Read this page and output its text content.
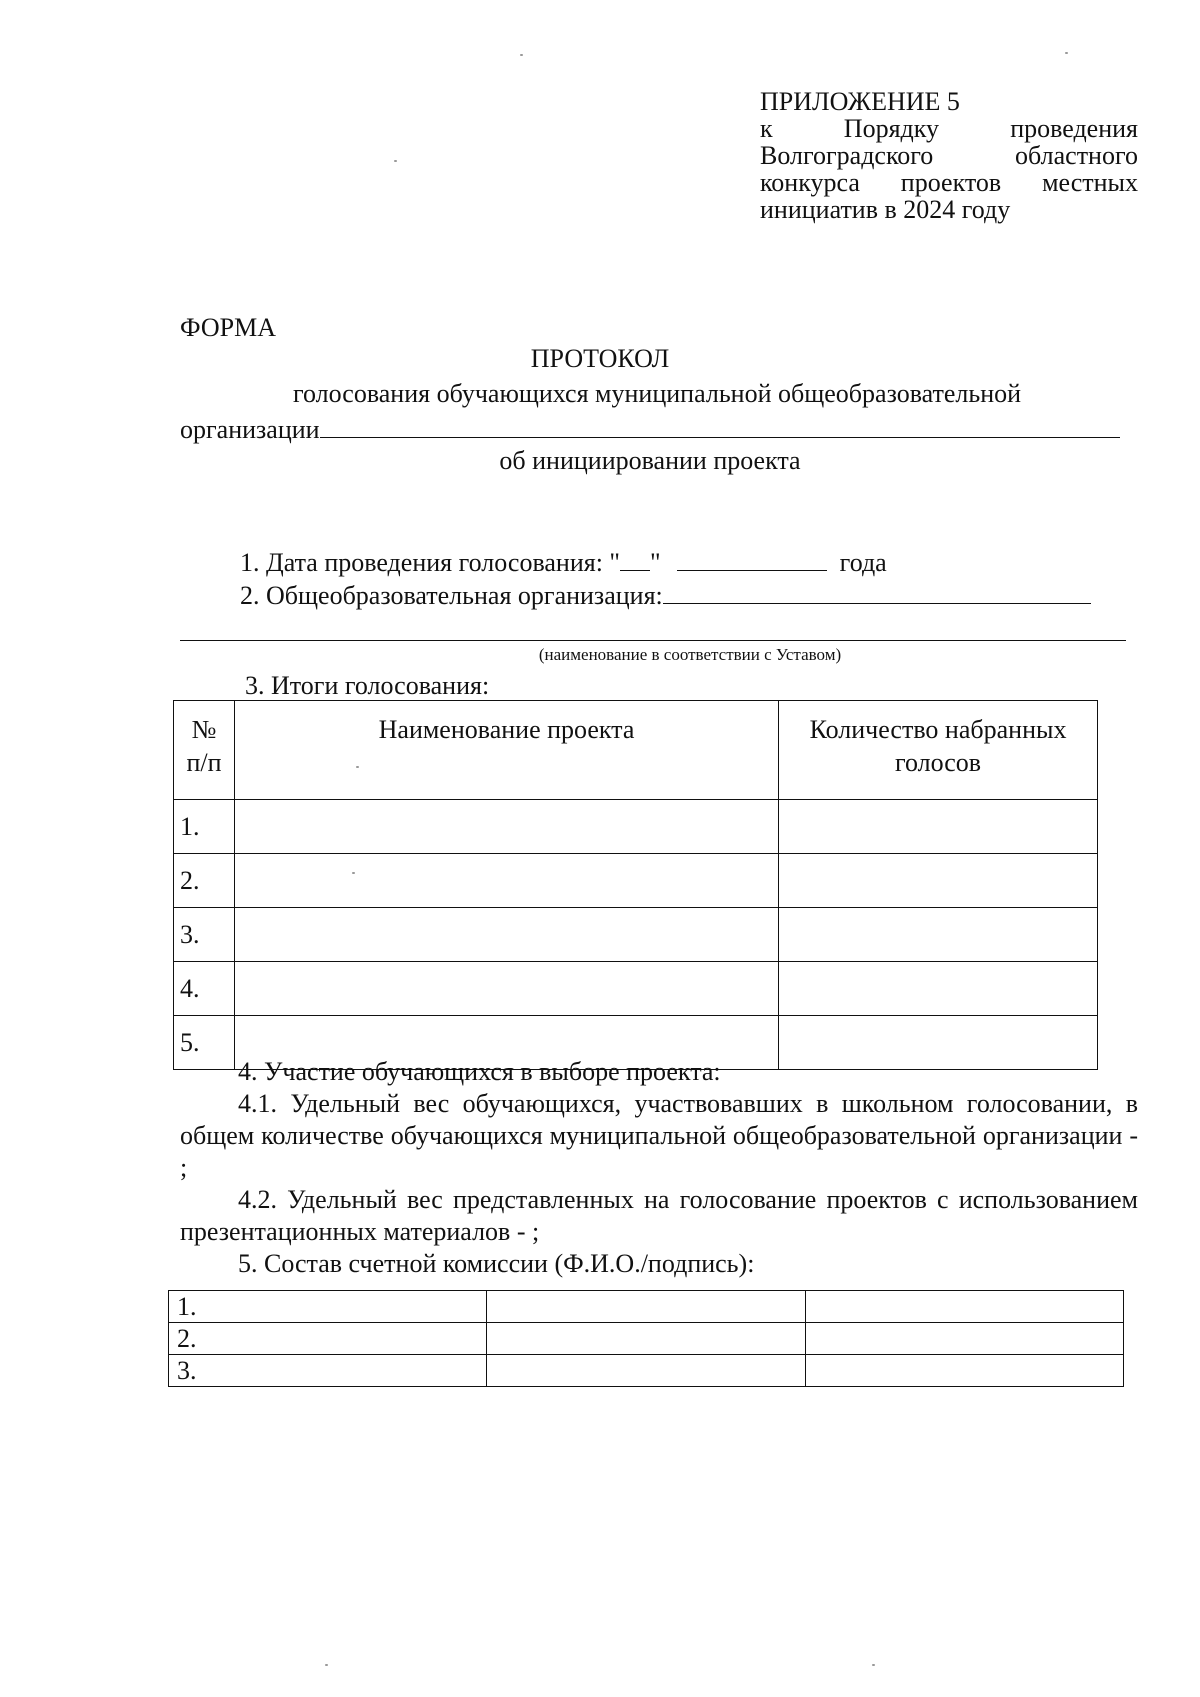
ПРИЛОЖЕНИЕ 5
к Порядку проведения
Волгоградского областного
конкурса проектов местных
инициатив в 2024 году
ФОРМА
ПРОТОКОЛ
голосования обучающихся муниципальной общеобразовательной
организации
об инициировании проекта
1. Дата проведения голосования: " "	года
2. Общеобразовательная организация:
(наименование в соответствии с Уставом)
3. Итоги голосования:
№ п/п	Наименование проекта	Количество набранных голосов
1.		
2.		
3.		
4.		
5.		
4. Участие обучающихся в выборе проекта:
4.1. Удельный вес обучающихся, участвовавших в школьном голосовании, в общем количестве обучающихся муниципальной общеобразовательной организации - ;
4.2. Удельный вес представленных на голосование проектов с использованием презентационных материалов - ;
5. Состав счетной комиссии (Ф.И.О./подпись):
1.		
2.		
3.		
